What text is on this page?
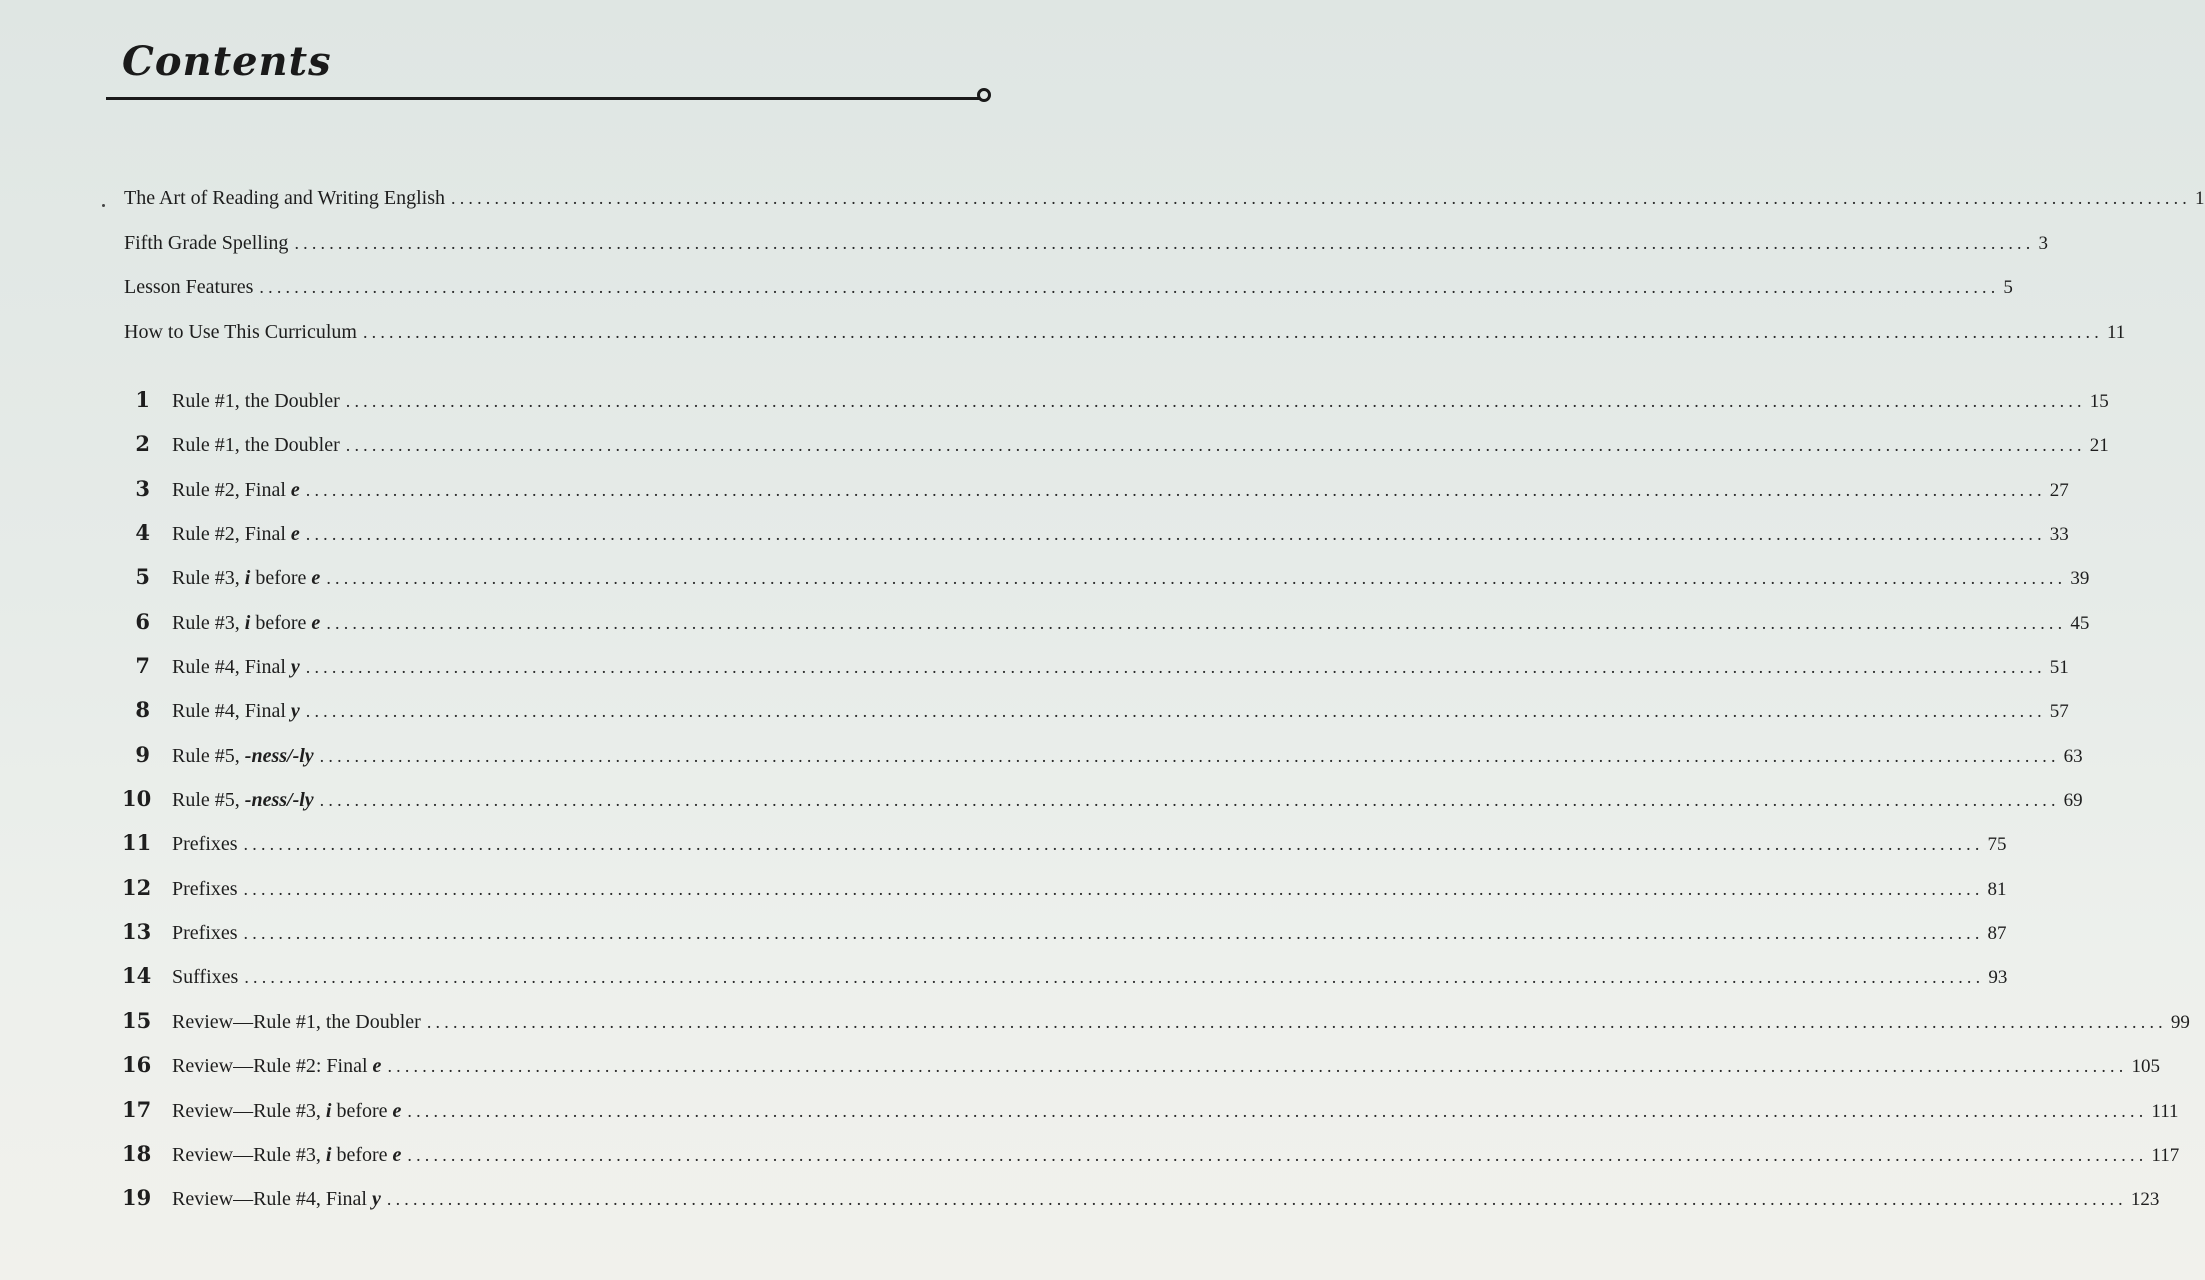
Contents
The Art of Reading and Writing English ........................................................................................................................................................................................................ 1
Fifth Grade Spelling ........................................................................................................................................................................................................ 3
Lesson Features ........................................................................................................................................................................................................ 5
How to Use This Curriculum ........................................................................................................................................................................................................ 11
1 Rule #1, the Doubler ........................................................................................................................................................................................................ 15
2 Rule #1, the Doubler ........................................................................................................................................................................................................ 21
3 Rule #2, Final e ........................................................................................................................................................................................................ 27
4 Rule #2, Final e ........................................................................................................................................................................................................ 33
5 Rule #3, i before e ........................................................................................................................................................................................................ 39
6 Rule #3, i before e ........................................................................................................................................................................................................ 45
7 Rule #4, Final y ........................................................................................................................................................................................................ 51
8 Rule #4, Final y ........................................................................................................................................................................................................ 57
9 Rule #5, -ness/-ly ........................................................................................................................................................................................................ 63
10 Rule #5, -ness/-ly ........................................................................................................................................................................................................ 69
11 Prefixes ........................................................................................................................................................................................................ 75
12 Prefixes ........................................................................................................................................................................................................ 81
13 Prefixes ........................................................................................................................................................................................................ 87
14 Suffixes ........................................................................................................................................................................................................ 93
15 Review—Rule #1, the Doubler ........................................................................................................................................................................................................ 99
16 Review—Rule #2: Final e ........................................................................................................................................................................................................ 105
17 Review—Rule #3, i before e ........................................................................................................................................................................................................ 111
18 Review—Rule #3, i before e ........................................................................................................................................................................................................ 117
19 Review—Rule #4, Final y ........................................................................................................................................................................................................ 123
